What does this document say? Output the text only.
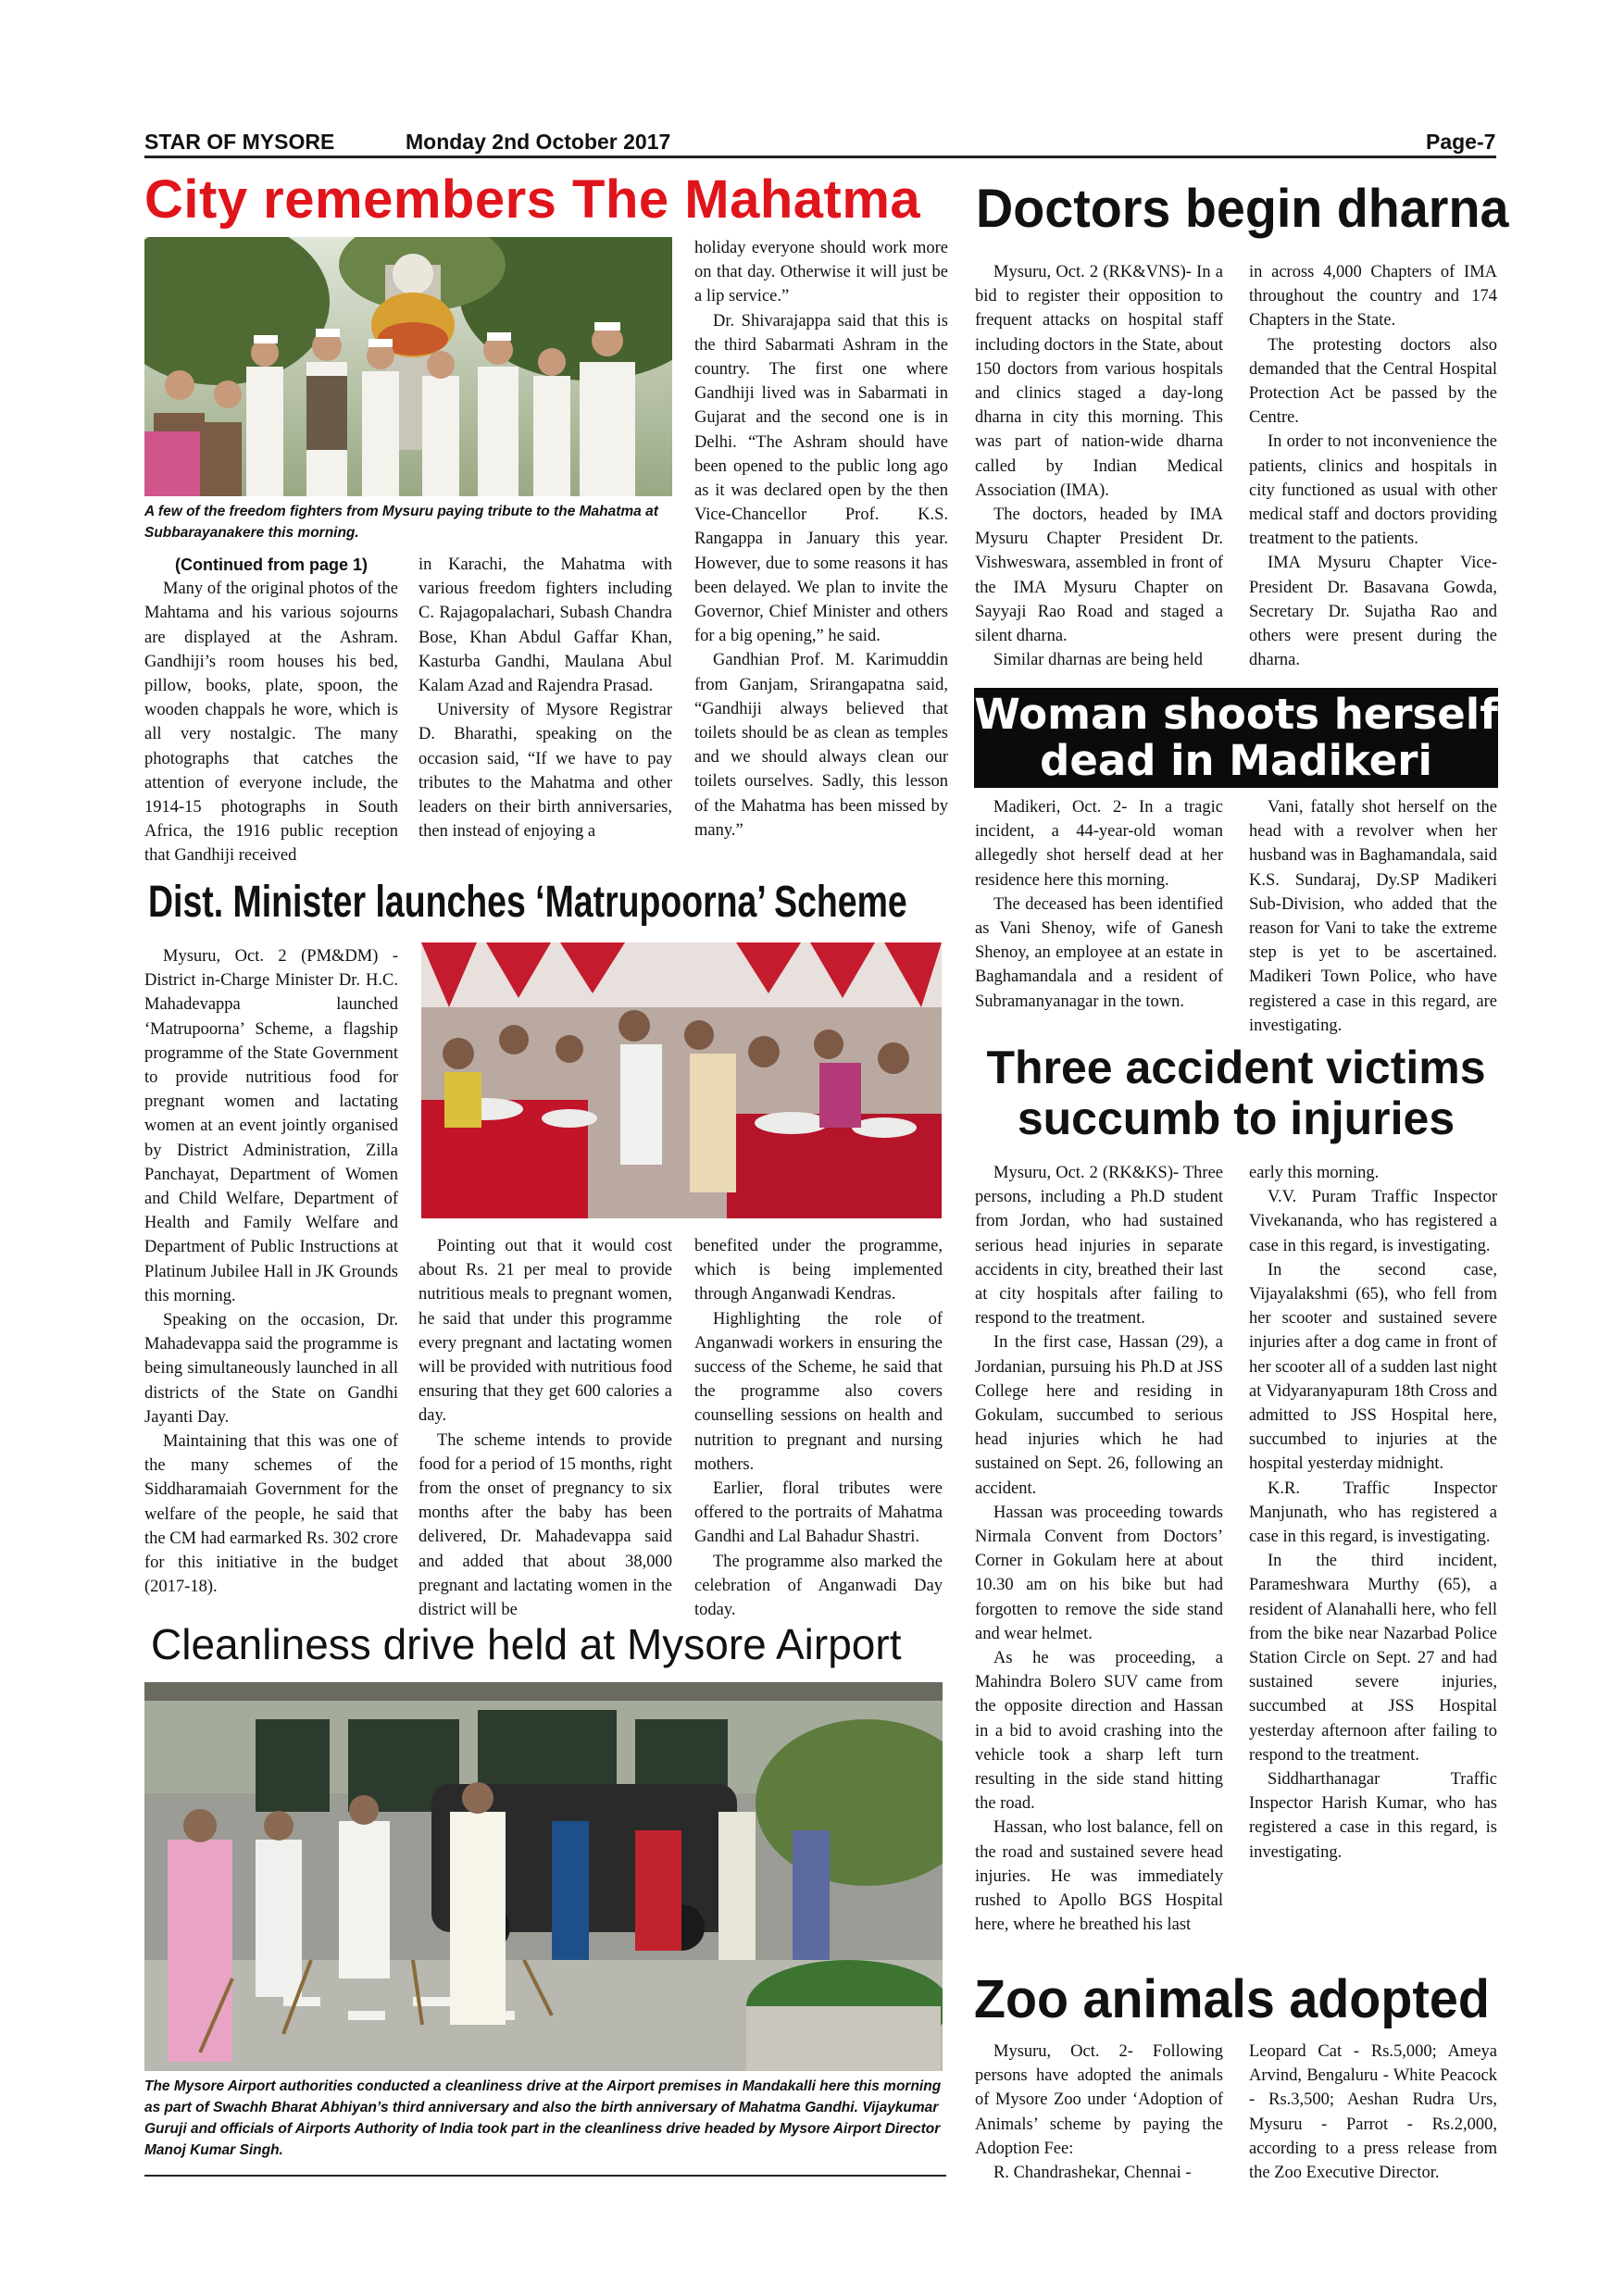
STAR OF MYSORE	Monday 2nd October 2017	Page-7
City remembers The Mahatma
A few of the freedom fighters from Mysuru paying tribute to the Mahatma at Subbarayanakere this morning.

(Continued from page 1)

Many of the original photos of the Mahtama and his various sojourns are displayed at the Ashram. Gandhiji’s room houses his bed, pillow, books, plate, spoon, the wooden chappals he wore, which is all very nostalgic. The many photographs that catches the attention of everyone include, the 1914-15 photographs in South Africa, the 1916 public reception that Gandhiji received

in Karachi, the Mahatma with various freedom fighters including C. Rajagopalachari, Subash Chandra Bose, Khan Abdul Gaffar Khan, Kasturba Gandhi, Maulana Abul Kalam Azad and Rajendra Prasad.

University of Mysore Registrar D. Bharathi, speaking on the occasion said, “If we have to pay tributes to the Mahatma and other leaders on their birth anniversaries, then instead of enjoying a

holiday everyone should work more on that day. Otherwise it will just be a lip service.”

Dr. Shivarajappa said that this is the third Sabarmati Ashram in the country. The first one where Gandhiji lived was in Sabarmati in Gujarat and the second one is in Delhi. “The Ashram should have been opened to the public long ago as it was declared open by the then Vice-Chancellor Prof. K.S. Rangappa in January this year. However, due to some reasons it has been delayed. We plan to invite the Governor, Chief Minister and others for a big opening,” he said.

Gandhian Prof. M. Karimuddin from Ganjam, Srirangapatna said, “Gandhiji always believed that toilets should be as clean as temples and we should always clean our toilets ourselves. Sadly, this lesson of the Mahatma has been missed by many.”

Doctors begin dharna

Mysuru, Oct. 2 (RK&VNS)- In a bid to register their opposition to frequent attacks on hospital staff including doctors in the State, about 150 doctors from various hospitals and clinics staged a day-long dharna in city this morning. This was part of nation-wide dharna called by Indian Medical Association (IMA).

The doctors, headed by IMA Mysuru Chapter President Dr. Vishweswara, assembled in front of the IMA Mysuru Chapter on Sayyaji Rao Road and staged a silent dharna.

Similar dharnas are being held

in across 4,000 Chapters of IMA throughout the country and 174 Chapters in the State.

The protesting doctors also demanded that the Central Hospital Protection Act be passed by the Centre.

In order to not inconvenience the patients, clinics and hospitals in city functioned as usual with other medical staff and doctors providing treatment to the patients.

IMA Mysuru Chapter Vice-President Dr. Basavana Gowda, Secretary Dr. Sujatha Rao and others were present during the dharna.

Woman shoots herself
dead in Madikeri

Madikeri, Oct. 2- In a tragic incident, a 44-year-old woman allegedly shot herself dead at her residence here this morning.

The deceased has been identified as Vani Shenoy, wife of Ganesh Shenoy, an employee at an estate in Baghamandala and a resident of Subramanyanagar in the town.

Vani, fatally shot herself on the head with a revolver when her husband was in Baghamandala, said K.S. Sundaraj, Dy.SP Madikeri Sub-Division, who added that the reason for Vani to take the extreme step is yet to be ascertained. Madikeri Town Police, who have registered a case in this regard, are investigating.

Dist. Minister launches ‘Matrupoorna’ Scheme

Mysuru, Oct. 2 (PM&DM) - District in-Charge Minister Dr. H.C. Mahadevappa launched ‘Matrupoorna’ Scheme, a flagship programme of the State Government to provide nutritious food for pregnant women and lactating women at an event jointly organised by District Administration, Zilla Panchayat, Department of Women and Child Welfare, Department of Health and Family Welfare and Department of Public Instructions at Platinum Jubilee Hall in JK Grounds this morning.

Speaking on the occasion, Dr. Mahadevappa said the programme is being simultaneously launched in all districts of the State on Gandhi Jayanti Day.

Maintaining that this was one of the many schemes of the Siddharamaiah Government for the welfare of the people, he said that the CM had earmarked Rs. 302 crore for this initiative in the budget (2017-18).

Pointing out that it would cost about Rs. 21 per meal to provide nutritious meals to pregnant women, he said that under this programme every pregnant and lactating women will be provided with nutritious food ensuring that they get 600 calories a day.

The scheme intends to provide food for a period of 15 months, right from the onset of pregnancy to six months after the baby has been delivered, Dr. Mahadevappa said and added that about 38,000 pregnant and lactating women in the district will be

benefited under the programme, which is being implemented through Anganwadi Kendras.

Highlighting the role of Anganwadi workers in ensuring the success of the Scheme, he said that the programme also covers counselling sessions on health and nutrition to pregnant and nursing mothers.

Earlier, floral tributes were offered to the portraits of Mahatma Gandhi and Lal Bahadur Shastri.

The programme also marked the celebration of Anganwadi Day today.

Cleanliness drive held at Mysore Airport
The Mysore Airport authorities conducted a cleanliness drive at the Airport premises in Mandakalli here this morning as part of Swachh Bharat Abhiyan’s third anniversary and also the birth anniversary of Mahatma Gandhi. Vijaykumar Guruji and officials of Airports Authority of India took part in the cleanliness drive headed by Mysore Airport Director Manoj Kumar Singh.
Three accident victims
succumb to injuries

Mysuru, Oct. 2 (RK&KS)- Three persons, including a Ph.D student from Jordan, who had sustained serious head injuries in separate accidents in city, breathed their last at city hospitals after failing to respond to the treatment.

In the first case, Hassan (29), a Jordanian, pursuing his Ph.D at JSS College here and residing in Gokulam, succumbed to serious head injuries which he had sustained on Sept. 26, following an accident.

Hassan was proceeding towards Nirmala Convent from Doctors’ Corner in Gokulam here at about 10.30 am on his bike but had forgotten to remove the side stand and wear helmet.

As he was proceeding, a Mahindra Bolero SUV came from the opposite direction and Hassan in a bid to avoid crashing into the vehicle took a sharp left turn resulting in the side stand hitting the road.

Hassan, who lost balance, fell on the road and sustained severe head injuries. He was immediately rushed to Apollo BGS Hospital here, where he breathed his last

early this morning.

V.V. Puram Traffic Inspector Vivekananda, who has registered a case in this regard, is investigating.

In the second case, Vijayalakshmi (65), who fell from her scooter and sustained severe injuries after a dog came in front of her scooter all of a sudden last night at Vidyaranyapuram 18th Cross and admitted to JSS Hospital here, succumbed to injuries at the hospital yesterday midnight.

K.R. Traffic Inspector Manjunath, who has registered a case in this regard, is investigating.

In the third incident, Parameshwara Murthy (65), a resident of Alanahalli here, who fell from the bike near Nazarbad Police Station Circle on Sept. 27 and had sustained severe injuries, succumbed at JSS Hospital yesterday afternoon after failing to respond to the treatment.

Siddharthanagar Traffic Inspector Harish Kumar, who has registered a case in this regard, is investigating.

Zoo animals adopted

Mysuru, Oct. 2- Following persons have adopted the animals of Mysore Zoo under ‘Adoption of Animals’ scheme by paying the Adoption Fee:

R. Chandrashekar, Chennai -

Leopard Cat - Rs.5,000; Ameya Arvind, Bengaluru - White Peacock - Rs.3,500; Aeshan Rudra Urs, Mysuru - Parrot - Rs.2,000, according to a press release from the Zoo Executive Director.
